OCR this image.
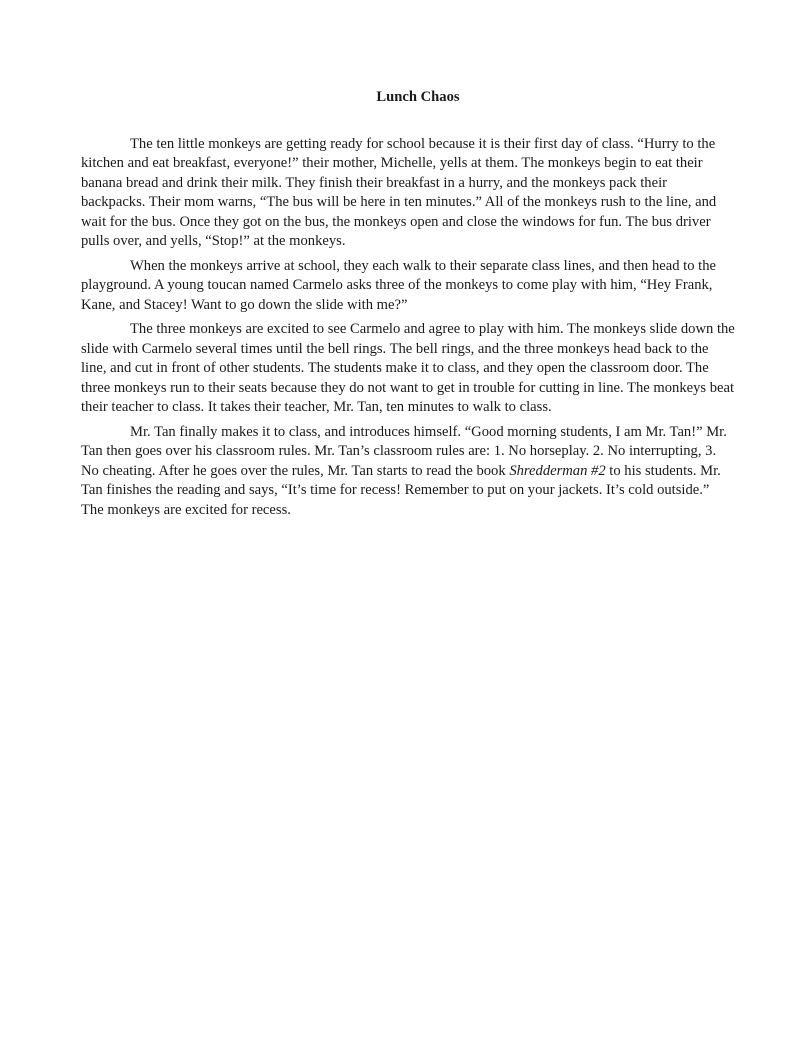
Lunch Chaos

The ten little monkeys are getting ready for school because it is their first day of class. “Hurry to the kitchen and eat breakfast, everyone!” their mother, Michelle, yells at them. The monkeys begin to eat their banana bread and drink their milk. They finish their breakfast in a hurry, and the monkeys pack their backpacks. Their mom warns, “The bus will be here in ten minutes.” All of the monkeys rush to the line, and wait for the bus. Once they got on the bus, the monkeys open and close the windows for fun. The bus driver pulls over, and yells, “Stop!” at the monkeys.

When the monkeys arrive at school, they each walk to their separate class lines, and then head to the playground. A young toucan named Carmelo asks three of the monkeys to come play with him, “Hey Frank, Kane, and Stacey! Want to go down the slide with me?”

The three monkeys are excited to see Carmelo and agree to play with him. The monkeys slide down the slide with Carmelo several times until the bell rings. The bell rings, and the three monkeys head back to the line, and cut in front of other students. The students make it to class, and they open the classroom door. The three monkeys run to their seats because they do not want to get in trouble for cutting in line. The monkeys beat their teacher to class. It takes their teacher, Mr. Tan, ten minutes to walk to class.

Mr. Tan finally makes it to class, and introduces himself. “Good morning students, I am Mr. Tan!” Mr. Tan then goes over his classroom rules. Mr. Tan’s classroom rules are: 1. No horseplay. 2. No interrupting, 3. No cheating. After he goes over the rules, Mr. Tan starts to read the book Shredderman #2 to his students. Mr. Tan finishes the reading and says, “It’s time for recess! Remember to put on your jackets. It’s cold outside.” The monkeys are excited for recess.
